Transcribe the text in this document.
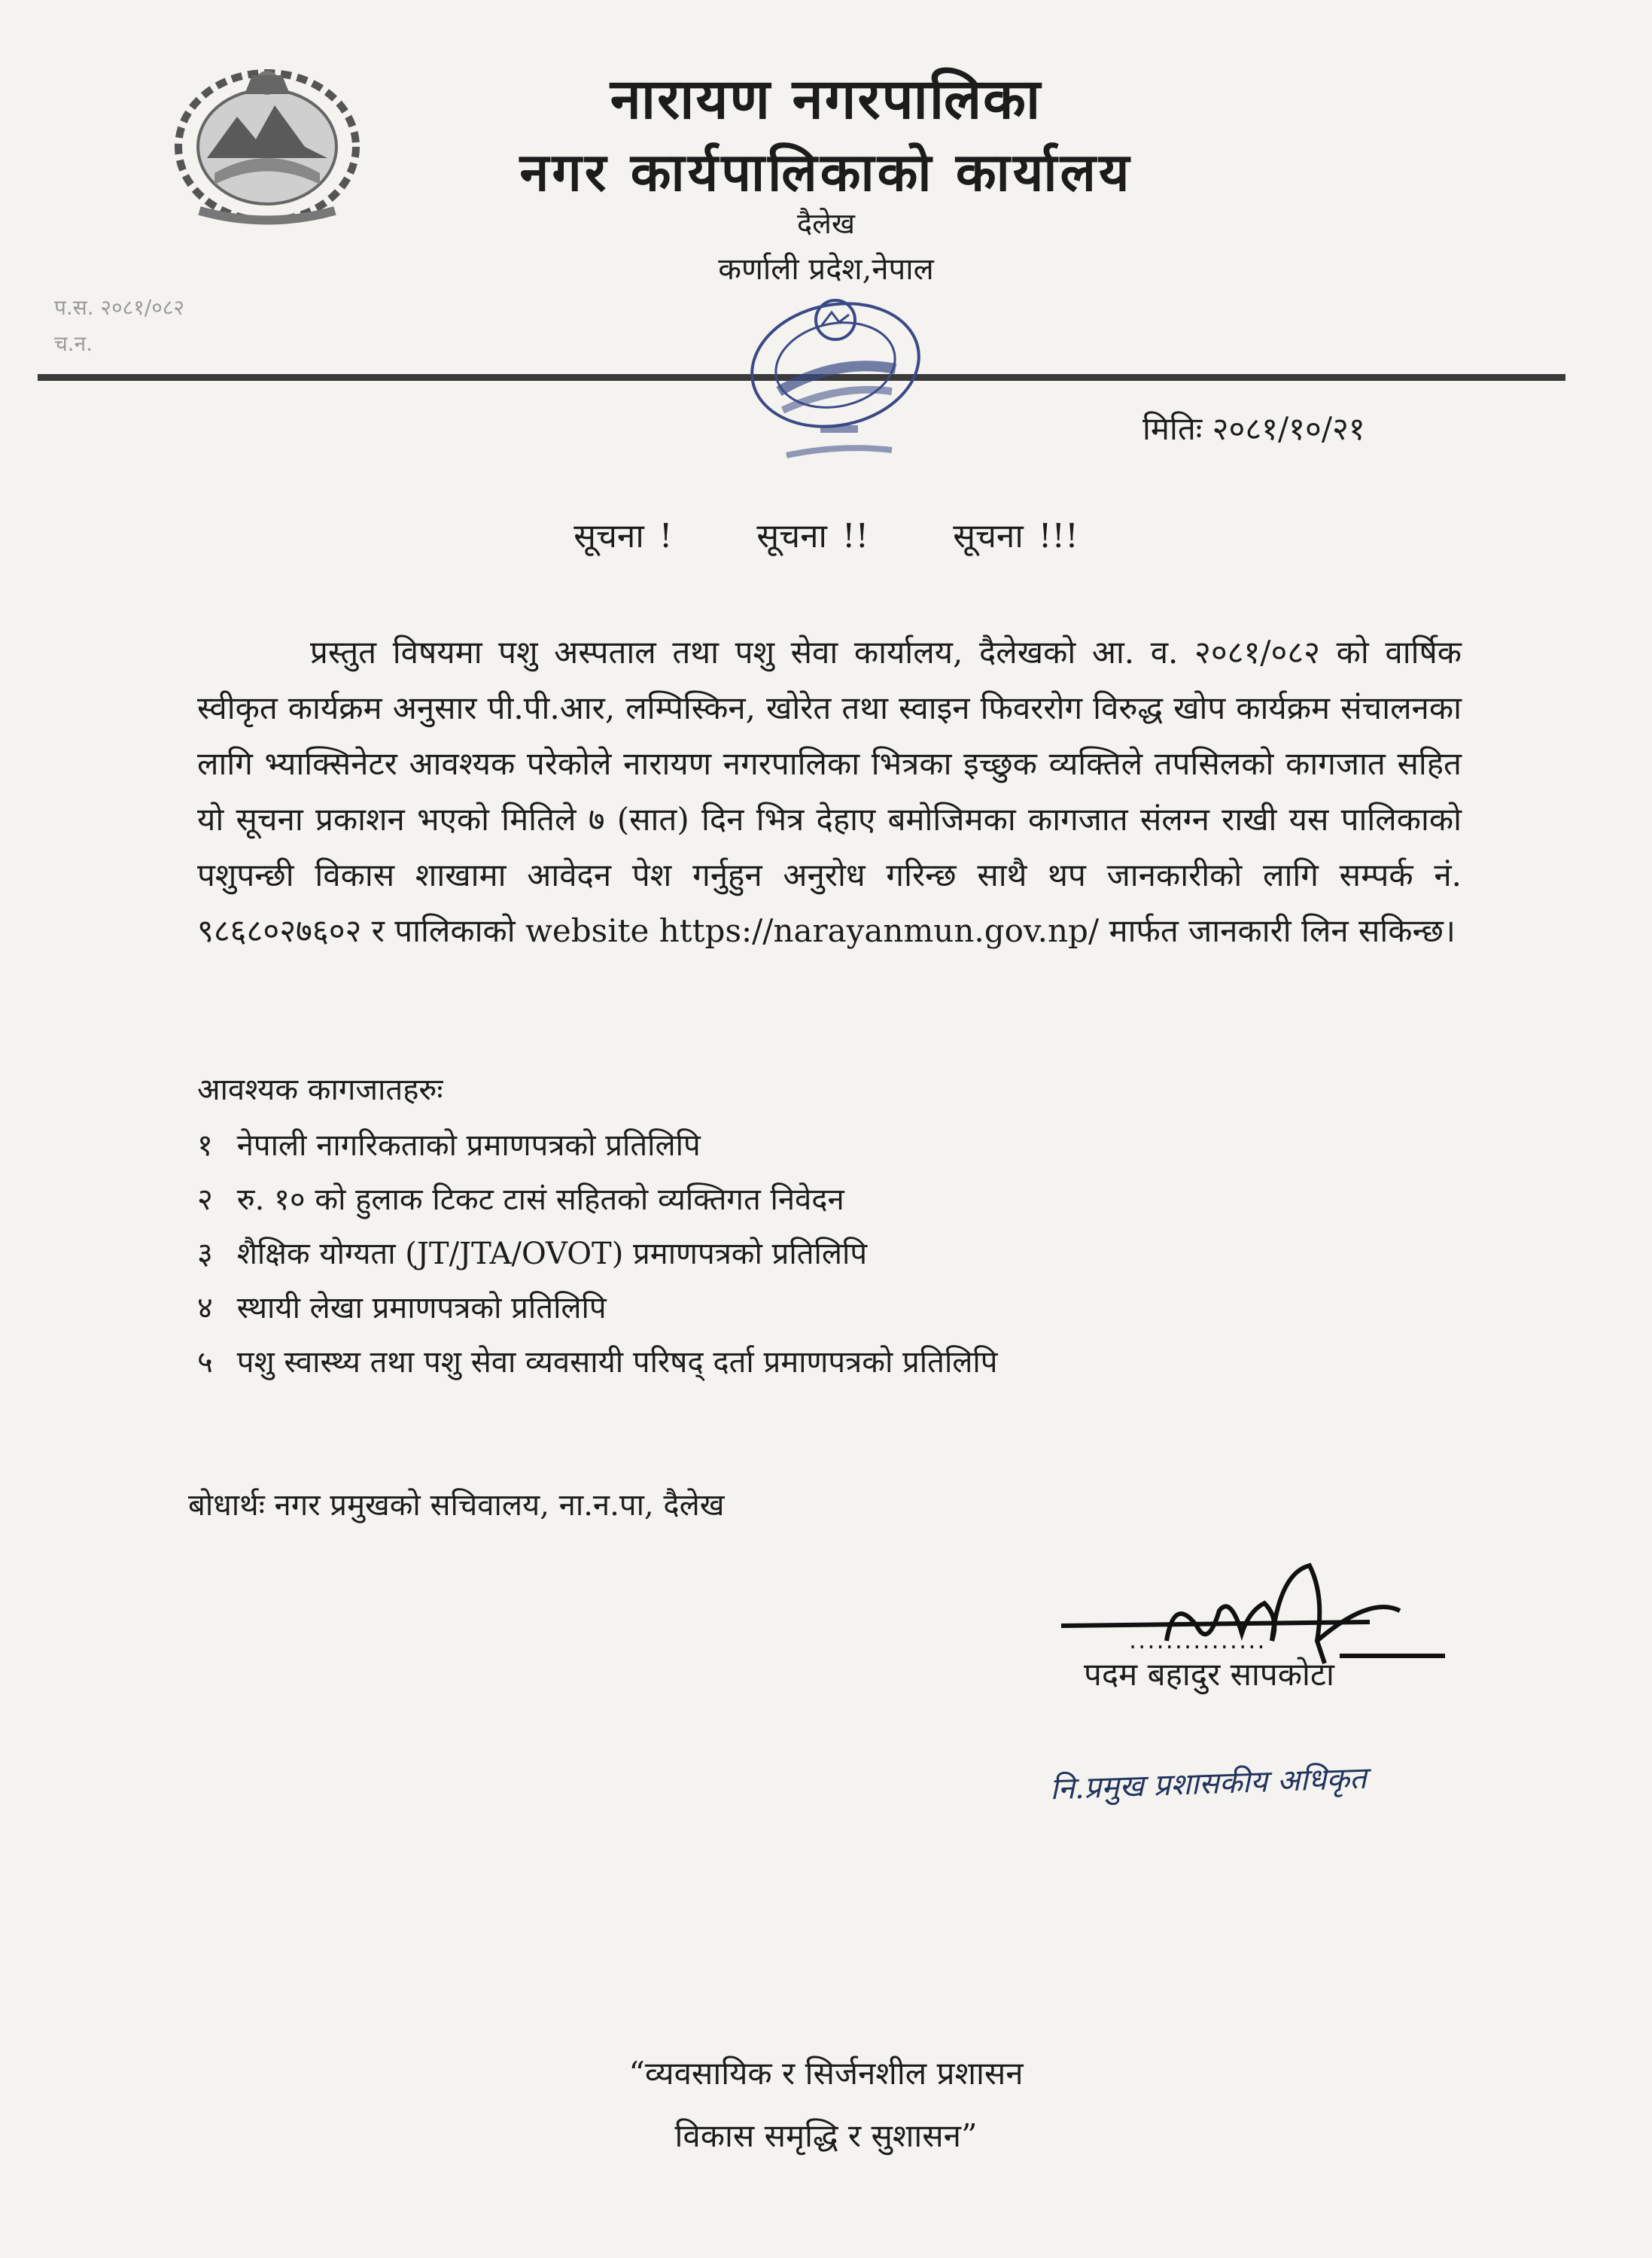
नारायण नगरपालिका
नगर कार्यपालिकाको कार्यालय
दैलेख
कर्णाली प्रदेश,नेपाल
प.स. २०८१/०८२
च.न.
मितिः २०८१/१०/२१
सूचना !	सूचना !!	सूचना !!!

प्रस्तुत विषयमा पशु अस्पताल तथा पशु सेवा कार्यालय, दैलेखको आ. व. २०८१/०८२ को वार्षिक स्वीकृत कार्यक्रम अनुसार पी.पी.आर, लम्पिस्किन, खोरेत तथा स्वाइन फिवररोग विरुद्ध खोप कार्यक्रम संचालनका लागि भ्याक्सिनेटर आवश्यक परेकोले नारायण नगरपालिका भित्रका इच्छुक व्यक्तिले तपसिलको कागजात सहित यो सूचना प्रकाशन भएको मितिले ७ (सात) दिन भित्र देहाए बमोजिमका कागजात संलग्न राखी यस पालिकाको पशुपन्छी विकास शाखामा आवेदन पेश गर्नुहुन अनुरोध गरिन्छ साथै थप जानकारीको लागि सम्पर्क नं. ९८६८०२७६०२ र पालिकाको website https://narayanmun.gov.np/ मार्फत जानकारी लिन सकिन्छ।

आवश्यक कागजातहरुः
१ नेपाली नागरिकताको प्रमाणपत्रको प्रतिलिपि
२ रु. १० को हुलाक टिकट टासं सहितको व्यक्तिगत निवेदन
३ शैक्षिक योग्यता (JT/JTA/OVOT) प्रमाणपत्रको प्रतिलिपि
४ स्थायी लेखा प्रमाणपत्रको प्रतिलिपि
५ पशु स्वास्थ्य तथा पशु सेवा व्यवसायी परिषद् दर्ता प्रमाणपत्रको प्रतिलिपि
बोधार्थः नगर प्रमुखको सचिवालय, ना.न.पा, दैलेख
...............
पदम बहादुर सापकोटा
नि.प्रमुख प्रशासकीय अधिकृत
“व्यवसायिक र सिर्जनशील प्रशासन
विकास समृद्धि र सुशासन”
